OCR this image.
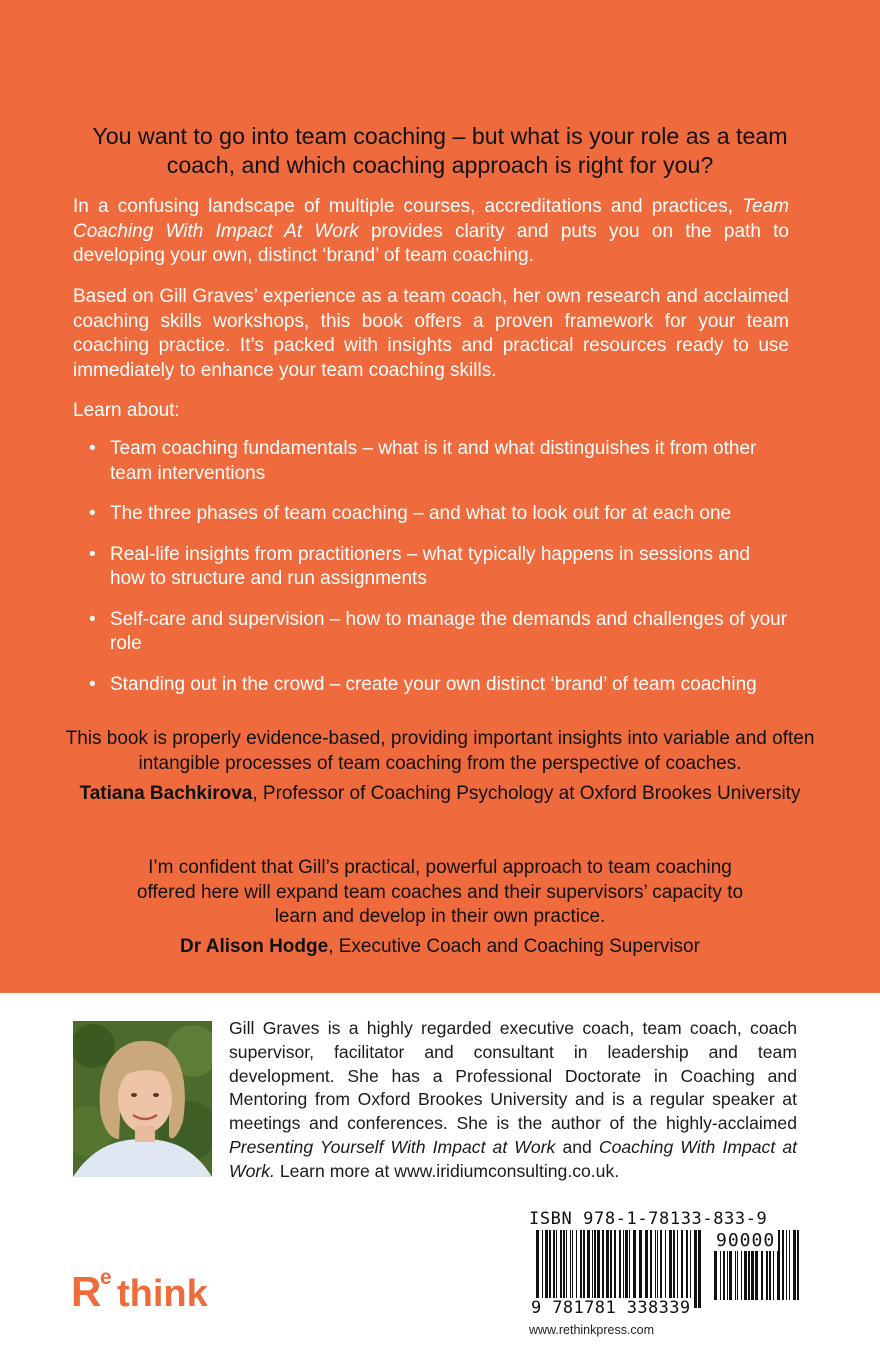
You want to go into team coaching – but what is your role as a team coach, and which coaching approach is right for you?

In a confusing landscape of multiple courses, accreditations and practices, Team Coaching With Impact At Work provides clarity and puts you on the path to developing your own, distinct ‘brand’ of team coaching.

Based on Gill Graves’ experience as a team coach, her own research and acclaimed coaching skills workshops, this book offers a proven framework for your team coaching practice. It’s packed with insights and practical resources ready to use immediately to enhance your team coaching skills.

Learn about:
• Team coaching fundamentals – what is it and what distinguishes it from other team interventions
• The three phases of team coaching – and what to look out for at each one
• Real-life insights from practitioners – what typically happens in sessions and how to structure and run assignments
• Self-care and supervision – how to manage the demands and challenges of your role
• Standing out in the crowd – create your own distinct ‘brand’ of team coaching
This book is properly evidence-based, providing important insights into variable and often intangible processes of team coaching from the perspective of coaches.
Tatiana Bachkirova, Professor of Coaching Psychology at Oxford Brookes University
I’m confident that Gill’s practical, powerful approach to team coaching offered here will expand team coaches and their supervisors’ capacity to learn and develop in their own practice.
Dr Alison Hodge, Executive Coach and Coaching Supervisor

Gill Graves is a highly regarded executive coach, team coach, coach supervisor, facilitator and consultant in leadership and team development. She has a Professional Doctorate in Coaching and Mentoring from Oxford Brookes University and is a regular speaker at meetings and conferences. She is the author of the highly-acclaimed Presenting Yourself With Impact at Work and Coaching With Impact at Work. Learn more at www.iridiumconsulting.co.uk.

R
e think
ISBN 978-1-78133-833-9
90000
9 781781 338339
www.rethinkpress.com
